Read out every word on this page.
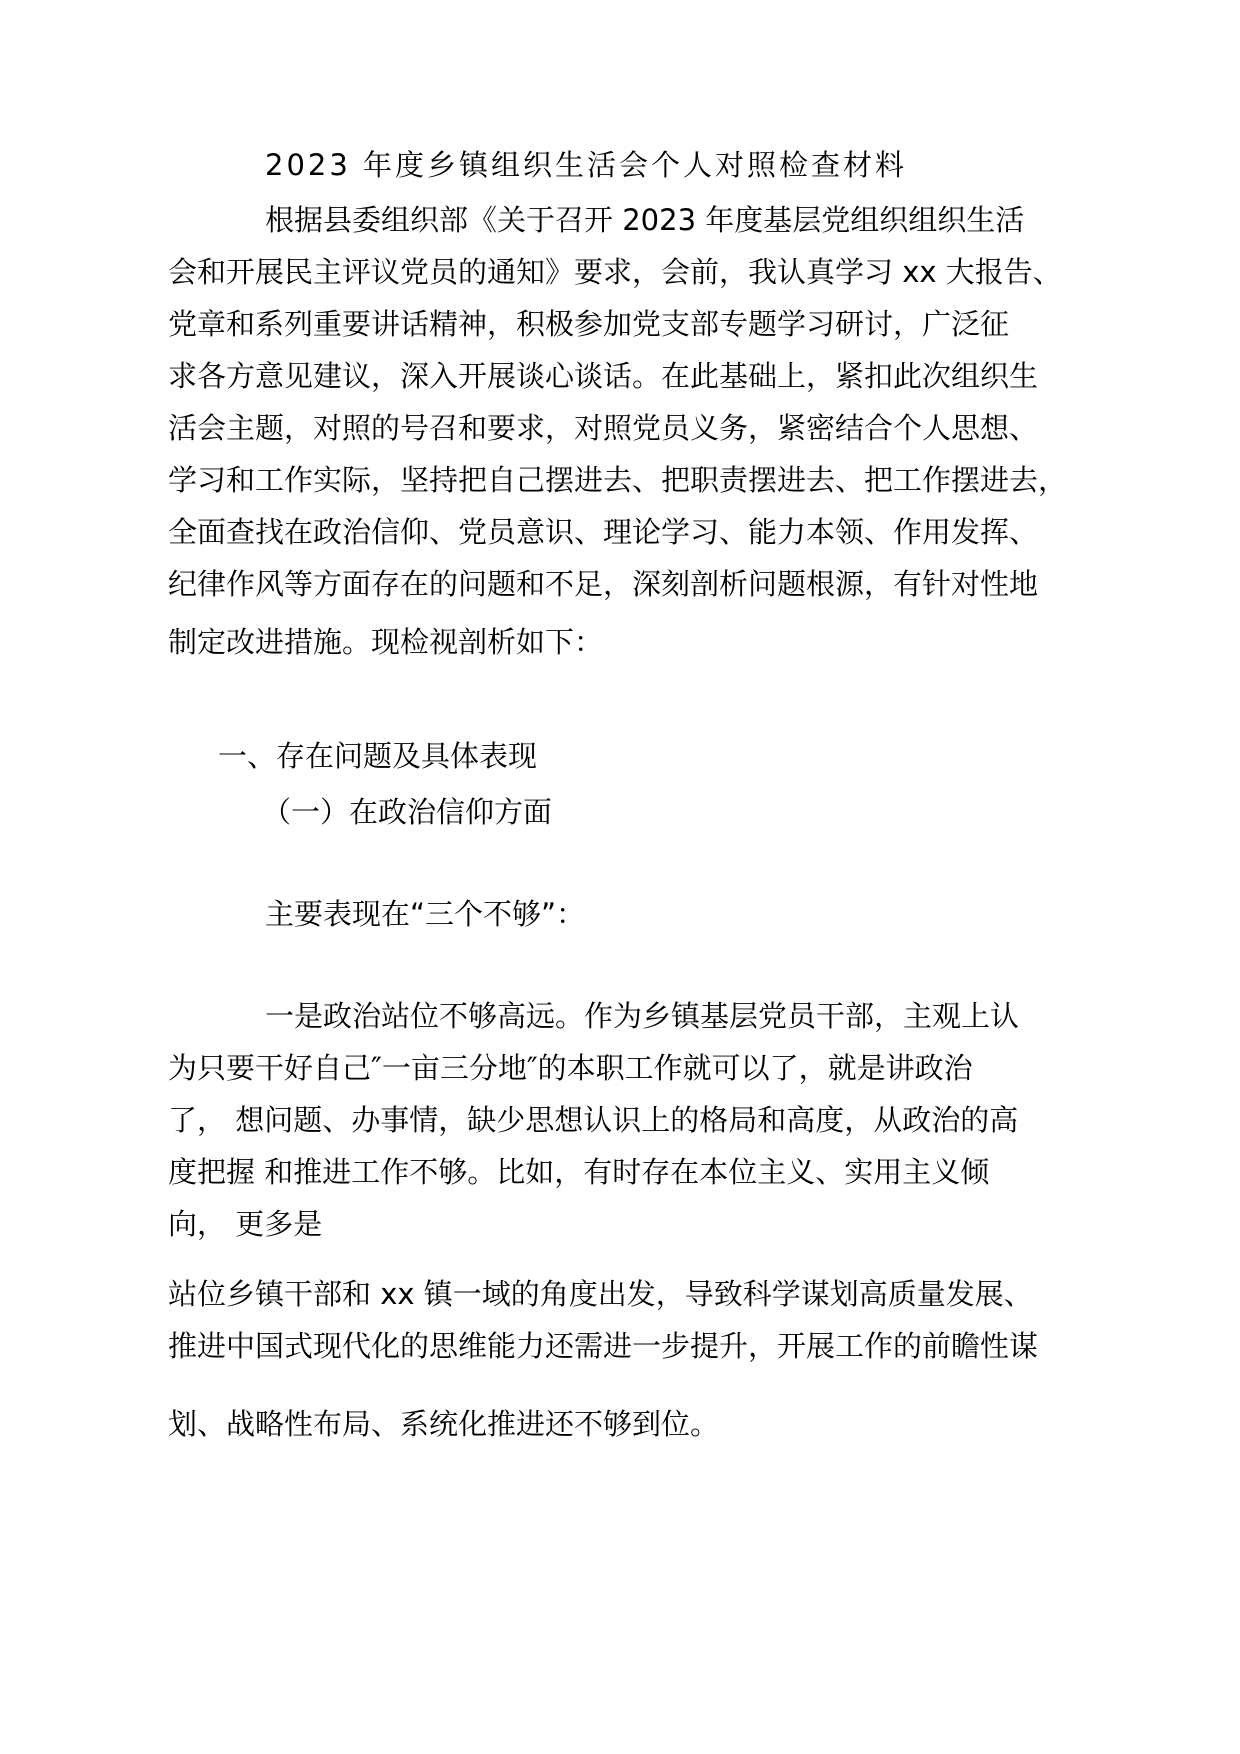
2023 年度乡镇组织生活会个人对照检查材料
根据县委组织部《关于召开 2023 年度基层党组织组织生活
会和开展民主评议党员的通知》要求，会前，我认真学习 xx 大报告、
党章和系列重要讲话精神，积极参加党支部专题学习研讨，广泛征
求各方意见建议，深入开展谈心谈话。在此基础上，紧扣此次组织生
活会主题，对照的号召和要求，对照党员义务，紧密结合个人思想、
学习和工作实际，坚持把自己摆进去、把职责摆进去、把工作摆进去，
全面查找在政治信仰、党员意识、理论学习、能力本领、作用发挥、
纪律作风等方面存在的问题和不足，深刻剖析问题根源，有针对性地
制定改进措施。现检视剖析如下：
一、存在问题及具体表现
（一）在政治信仰方面
主要表现在“三个不够”：
一是政治站位不够高远。作为乡镇基层党员干部，主观上认
为只要干好自己″一亩三分地″的本职工作就可以了，就是讲政治
了， 想问题、办事情，缺少思想认识上的格局和高度，从政治的高
度把握 和推进工作不够。比如，有时存在本位主义、实用主义倾
向， 更多是
站位乡镇干部和 xx 镇一域的角度出发，导致科学谋划高质量发展、
推进中国式现代化的思维能力还需进一步提升，开展工作的前瞻性谋
划、战略性布局、系统化推进还不够到位。
